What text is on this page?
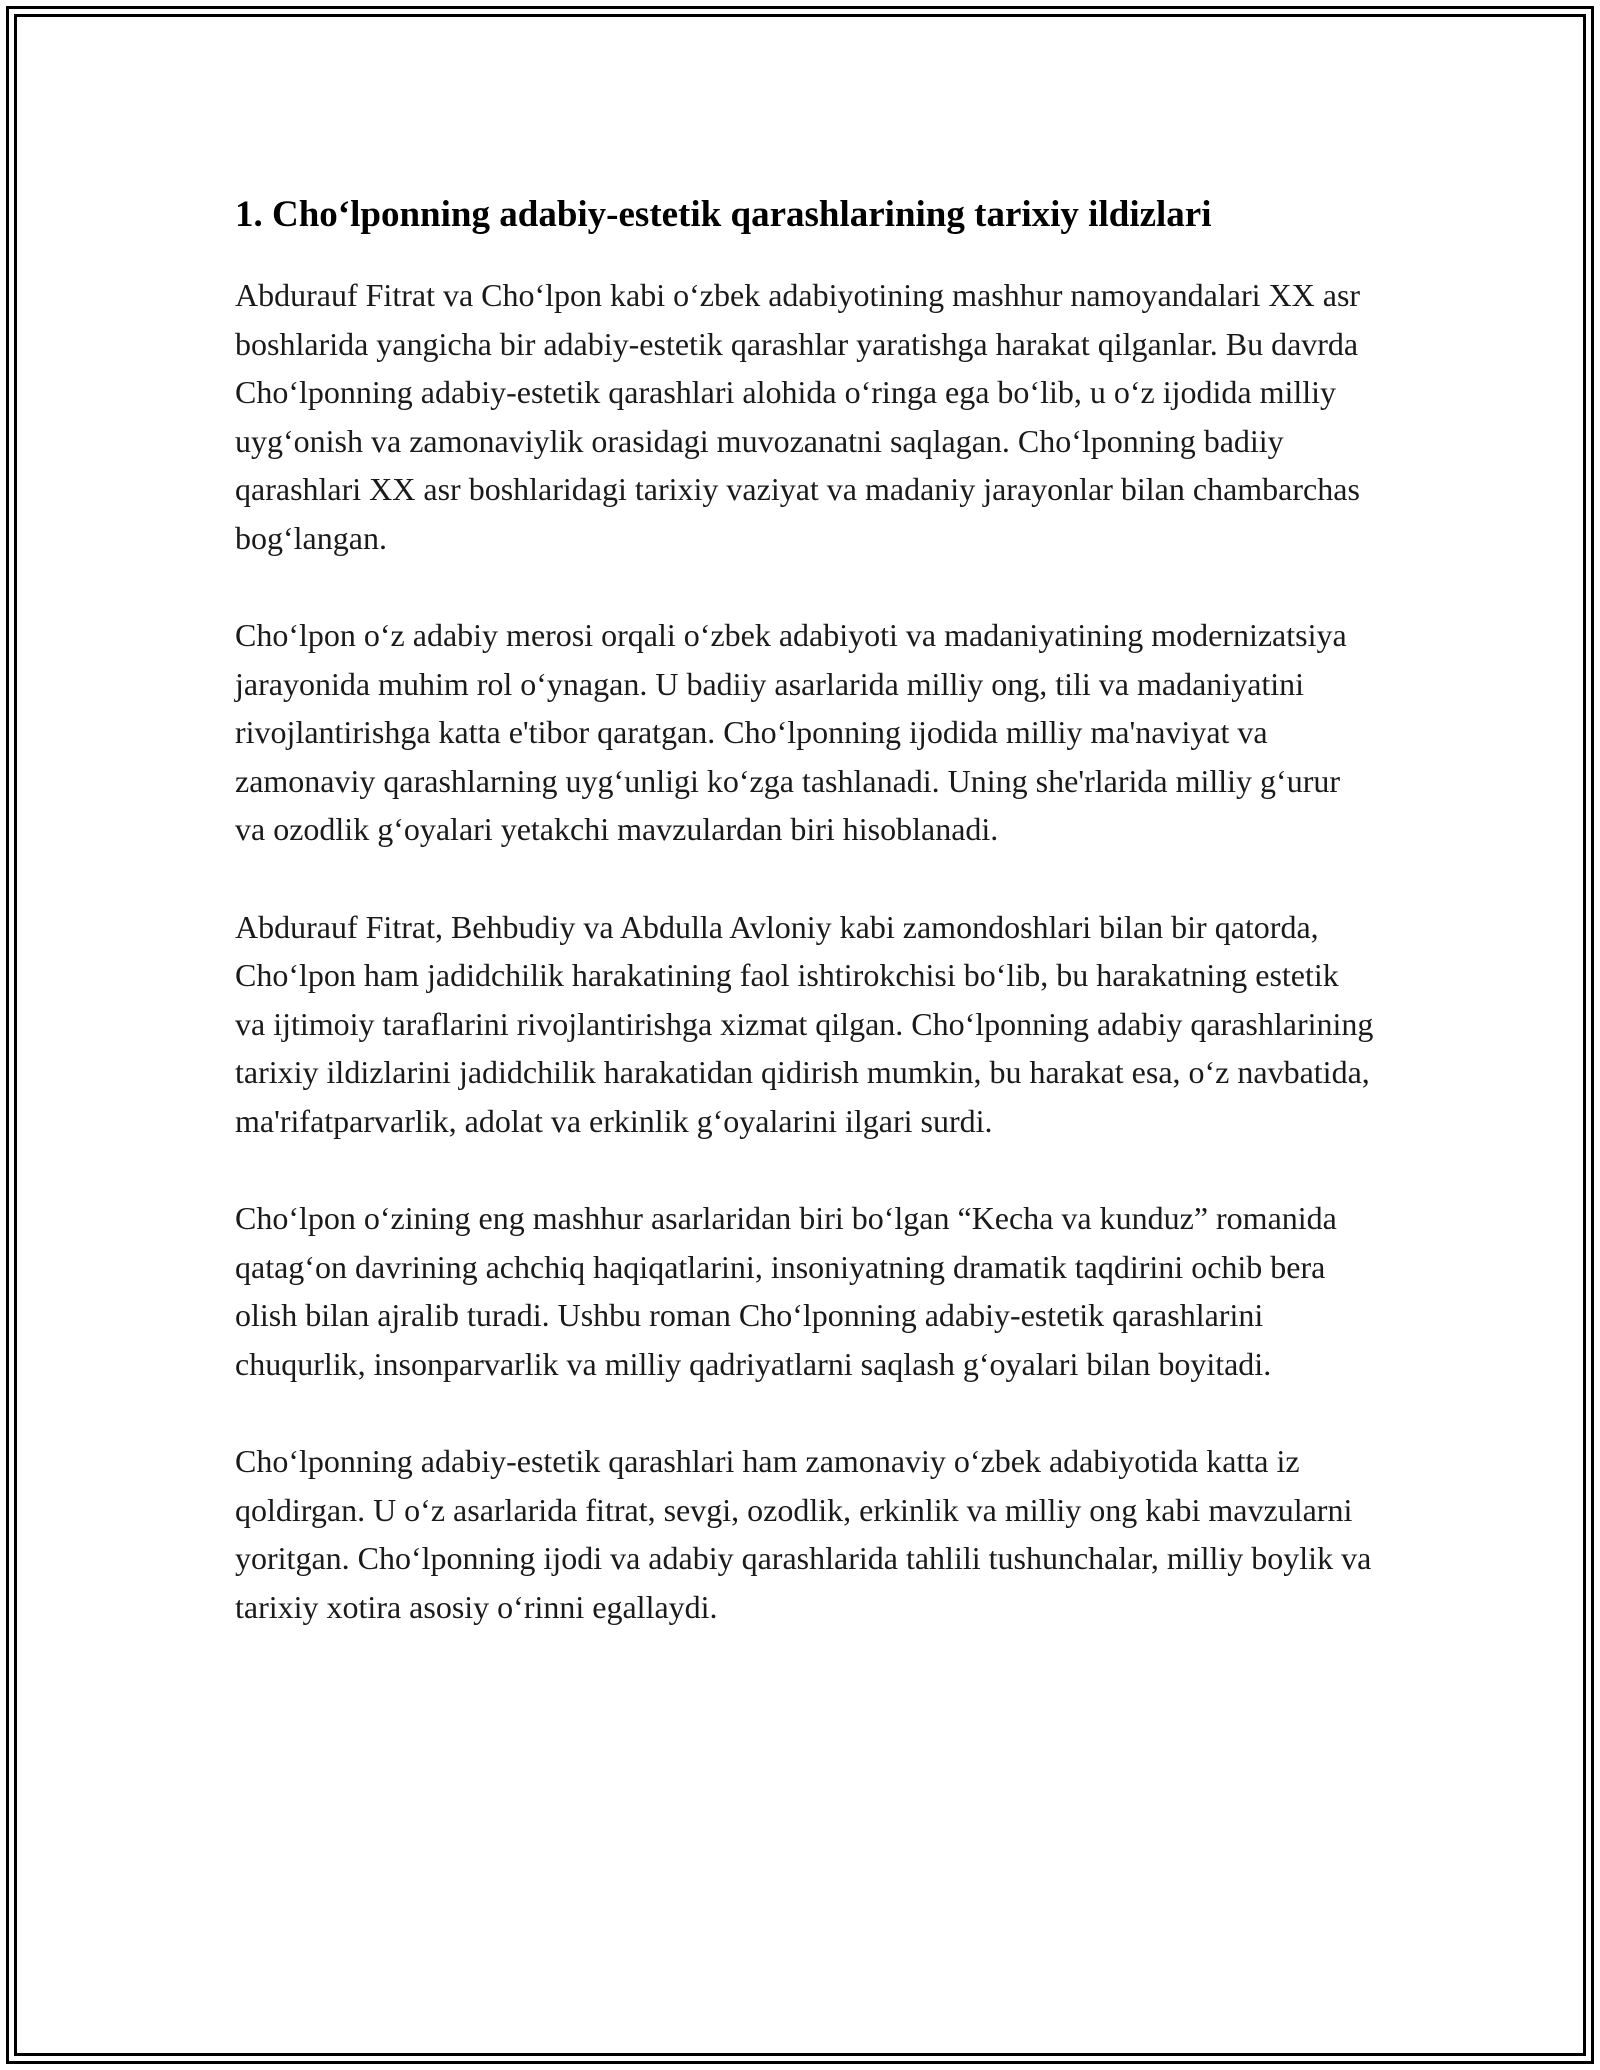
1. Cho‘lponning adabiy-estetik qarashlarining tarixiy ildizlari

Abdurauf Fitrat va Cho‘lpon kabi o‘zbek adabiyotining mashhur namoyandalari XX asr boshlarida yangicha bir adabiy-estetik qarashlar yaratishga harakat qilganlar. Bu davrda Cho‘lponning adabiy-estetik qarashlari alohida o‘ringa ega bo‘lib, u o‘z ijodida milliy uyg‘onish va zamonaviylik orasidagi muvozanatni saqlagan. Cho‘lponning badiiy qarashlari XX asr boshlaridagi tarixiy vaziyat va madaniy jarayonlar bilan chambarchas bog‘langan.

Cho‘lpon o‘z adabiy merosi orqali o‘zbek adabiyoti va madaniyatining modernizatsiya jarayonida muhim rol o‘ynagan. U badiiy asarlarida milliy ong, tili va madaniyatini rivojlantirishga katta e'tibor qaratgan. Cho‘lponning ijodida milliy ma'naviyat va zamonaviy qarashlarning uyg‘unligi ko‘zga tashlanadi. Uning she'rlarida milliy g‘urur va ozodlik g‘oyalari yetakchi mavzulardan biri hisoblanadi.

Abdurauf Fitrat, Behbudiy va Abdulla Avloniy kabi zamondoshlari bilan bir qatorda, Cho‘lpon ham jadidchilik harakatining faol ishtirokchisi bo‘lib, bu harakatning estetik va ijtimoiy taraflarini rivojlantirishga xizmat qilgan. Cho‘lponning adabiy qarashlarining tarixiy ildizlarini jadidchilik harakatidan qidirish mumkin, bu harakat esa, o‘z navbatida, ma'rifatparvarlik, adolat va erkinlik g‘oyalarini ilgari surdi.

Cho‘lpon o‘zining eng mashhur asarlaridan biri bo‘lgan “Kecha va kunduz” romanida qatag‘on davrining achchiq haqiqatlarini, insoniyatning dramatik taqdirini ochib bera olish bilan ajralib turadi. Ushbu roman Cho‘lponning adabiy-estetik qarashlarini chuqurlik, insonparvarlik va milliy qadriyatlarni saqlash g‘oyalari bilan boyitadi.

Cho‘lponning adabiy-estetik qarashlari ham zamonaviy o‘zbek adabiyotida katta iz qoldirgan. U o‘z asarlarida fitrat, sevgi, ozodlik, erkinlik va milliy ong kabi mavzularni yoritgan. Cho‘lponning ijodi va adabiy qarashlarida tahlili tushunchalar, milliy boylik va tarixiy xotira asosiy o‘rinni egallaydi.
